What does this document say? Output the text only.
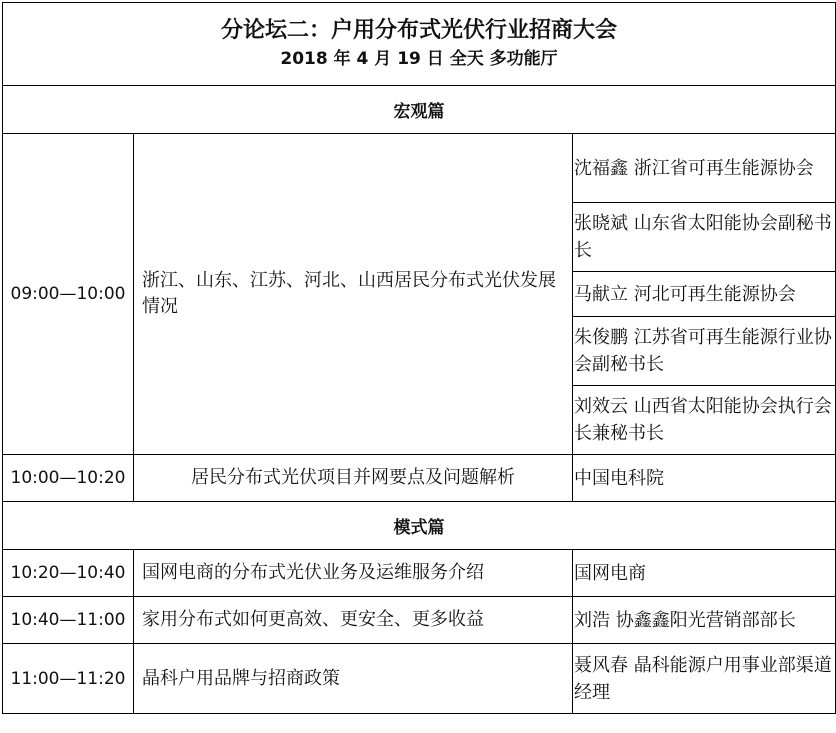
分论坛二：户用分布式光伏行业招商大会
2018 年 4 月 19 日 全天 多功能厅		

宏观篇		
09:00—10:00	浙江、山东、江苏、河北、山西居民分布式光伏发展情况	沈福鑫 浙江省可再生能源协会
		张晓斌 山东省太阳能协会副秘书长
		马献立 河北可再生能源协会
		朱俊鹏 江苏省可再生能源行业协会副秘书长
		刘效云 山西省太阳能协会执行会长兼秘书长
10:00—10:20	居民分布式光伏项目并网要点及问题解析	中国电科院
模式篇		
10:20—10:40	国网电商的分布式光伏业务及运维服务介绍	国网电商
10:40—11:00	家用分布式如何更高效、更安全、更多收益	刘浩 协鑫鑫阳光营销部部长
11:00—11:20	晶科户用品牌与招商政策	聂风春 晶科能源户用事业部渠道经理
